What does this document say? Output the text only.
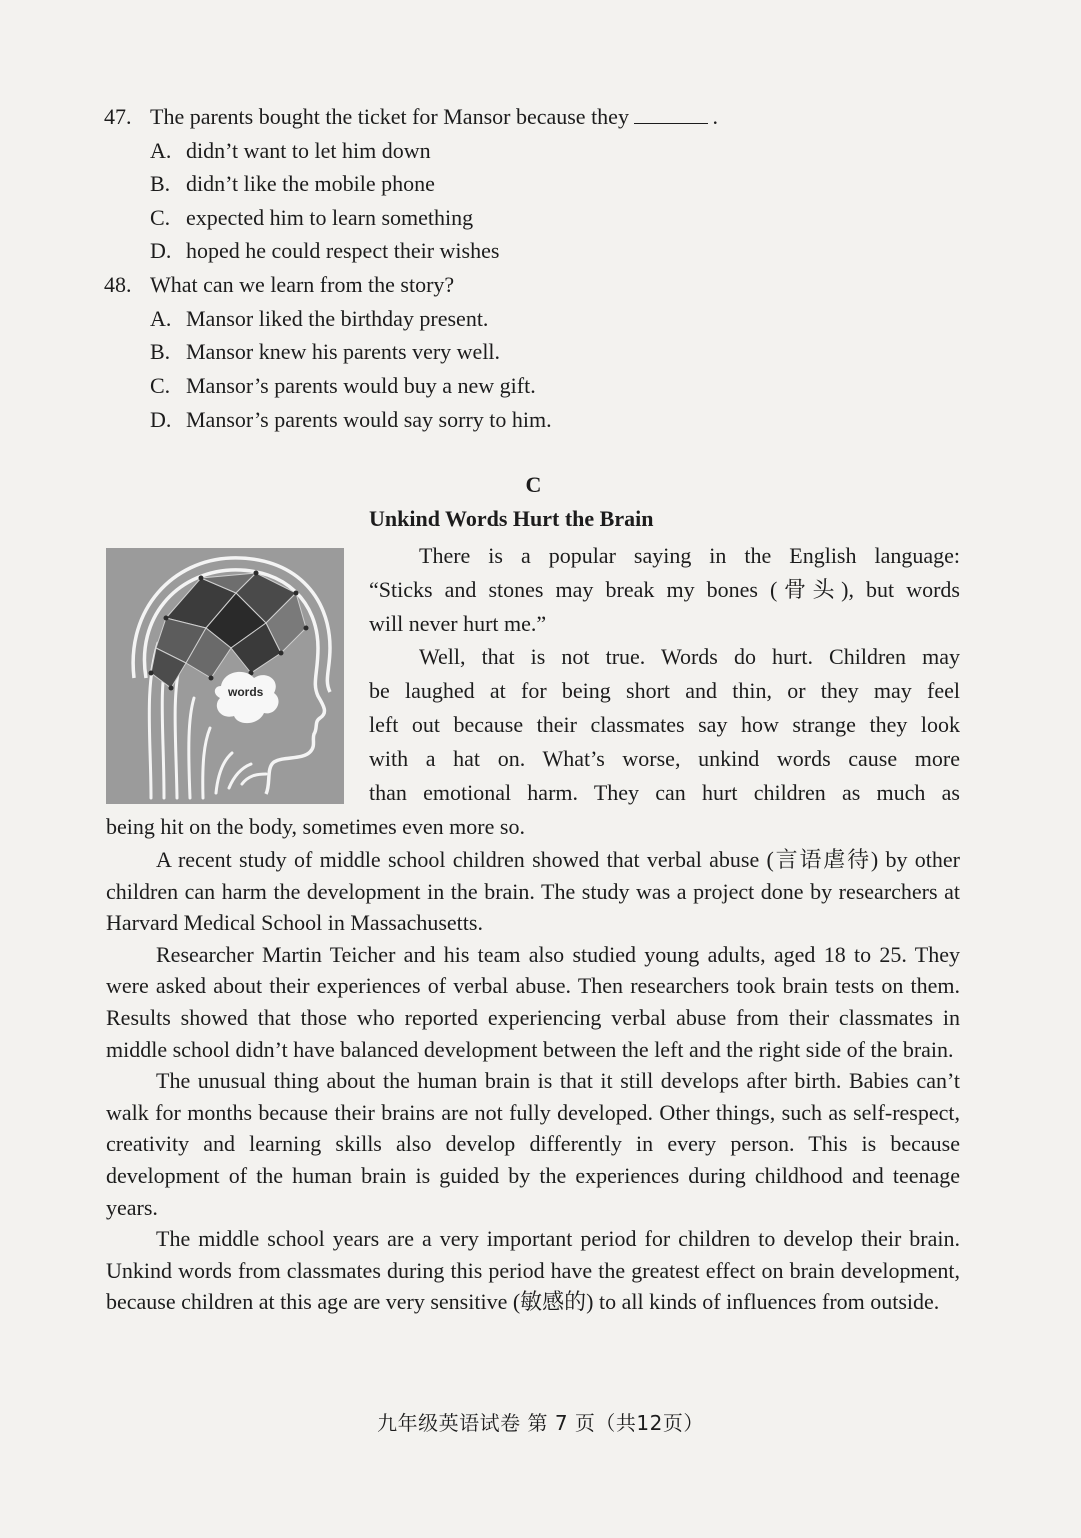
47. The parents bought the ticket for Mansor because they	.
A. didn’t want to let him down
B. didn’t like the mobile phone
C. expected him to learn something
D. hoped he could respect their wishes
48. What can we learn from the story?
A. Mansor liked the birthday present.
B. Mansor knew his parents very well.
C. Mansor’s parents would buy a new gift.
D. Mansor’s parents would say sorry to him.
C
Unkind Words Hurt the Brain
words
There is a popular saying in the English language:
“Sticks and stones may break my bones (骨头), but words
will never hurt me.”
Well, that is not true. Words do hurt. Children may
be laughed at for being short and thin, or they may feel
left out because their classmates say how strange they look
with a hat on. What’s worse, unkind words cause more
than emotional harm. They can hurt children as much as

being hit on the body, sometimes even more so.

A recent study of middle school children showed that verbal abuse (言语虐待) by other children can harm the development in the brain. The study was a project done by researchers at Harvard Medical School in Massachusetts.

Researcher Martin Teicher and his team also studied young adults, aged 18 to 25. They were asked about their experiences of verbal abuse. Then researchers took brain tests on them. Results showed that those who reported experiencing verbal abuse from their classmates in middle school didn’t have balanced development between the left and the right side of the brain.

The unusual thing about the human brain is that it still develops after birth. Babies can’t walk for months because their brains are not fully developed. Other things, such as self-respect, creativity and learning skills also develop differently in every person. This is because development of the human brain is guided by the experiences during childhood and teenage years.

The middle school years are a very important period for children to develop their brain. Unkind words from classmates during this period have the greatest effect on brain development, because children at this age are very sensitive (敏感的) to all kinds of influences from outside.

九年级英语试卷 第 7 页（共12页）
